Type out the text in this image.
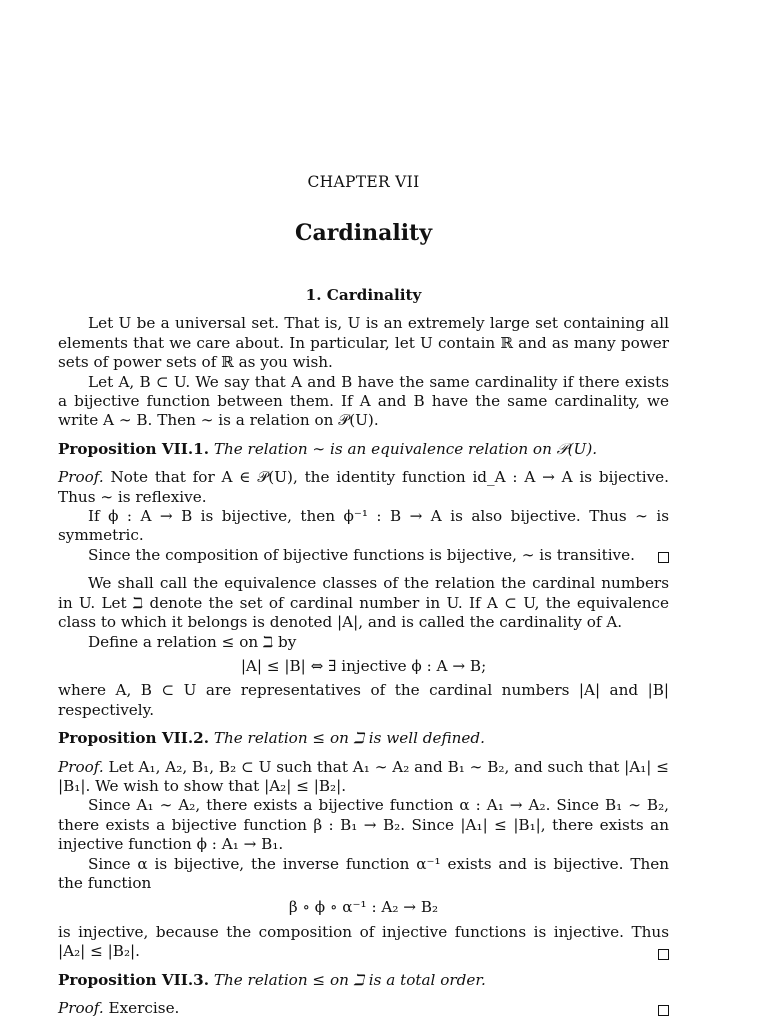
CHAPTER VII
Cardinality
1. Cardinality

Let U be a universal set. That is, U is an extremely large set containing all elements that we care about. In particular, let U contain ℝ and as many power sets of power sets of ℝ as you wish.

Let A, B ⊂ U. We say that A and B have the same cardinality if there exists a bijective function between them. If A and B have the same cardinality, we write A ∼ B. Then ∼ is a relation on 𝒫(U).

Proposition VII.1. The relation ∼ is an equivalence relation on 𝒫(U).

Proof. Note that for A ∈ 𝒫(U), the identity function id_A : A → A is bijective. Thus ∼ is reflexive.

If ϕ : A → B is bijective, then ϕ⁻¹ : B → A is also bijective. Thus ∼ is symmetric.

Since the composition of bijective functions is bijective, ∼ is transitive.

We shall call the equivalence classes of the relation the cardinal numbers in U. Let ℶ denote the set of cardinal number in U. If A ⊂ U, the equivalence class to which it belongs is denoted |A|, and is called the cardinality of A.

Define a relation ≤ on ℶ by

|A| ≤ |B| ⇔ ∃ injective ϕ : A → B;

where A, B ⊂ U are representatives of the cardinal numbers |A| and |B| respectively.

Proposition VII.2. The relation ≤ on ℶ is well defined.

Proof. Let A₁, A₂, B₁, B₂ ⊂ U such that A₁ ∼ A₂ and B₁ ∼ B₂, and such that |A₁| ≤ |B₁|. We wish to show that |A₂| ≤ |B₂|.

Since A₁ ∼ A₂, there exists a bijective function α : A₁ → A₂. Since B₁ ∼ B₂, there exists a bijective function β : B₁ → B₂. Since |A₁| ≤ |B₁|, there exists an injective function ϕ : A₁ → B₁.

Since α is bijective, the inverse function α⁻¹ exists and is bijective. Then the function

β ∘ ϕ ∘ α⁻¹ : A₂ → B₂

is injective, because the composition of injective functions is injective. Thus |A₂| ≤ |B₂|.

Proposition VII.3. The relation ≤ on ℶ is a total order.

Proof. Exercise.
